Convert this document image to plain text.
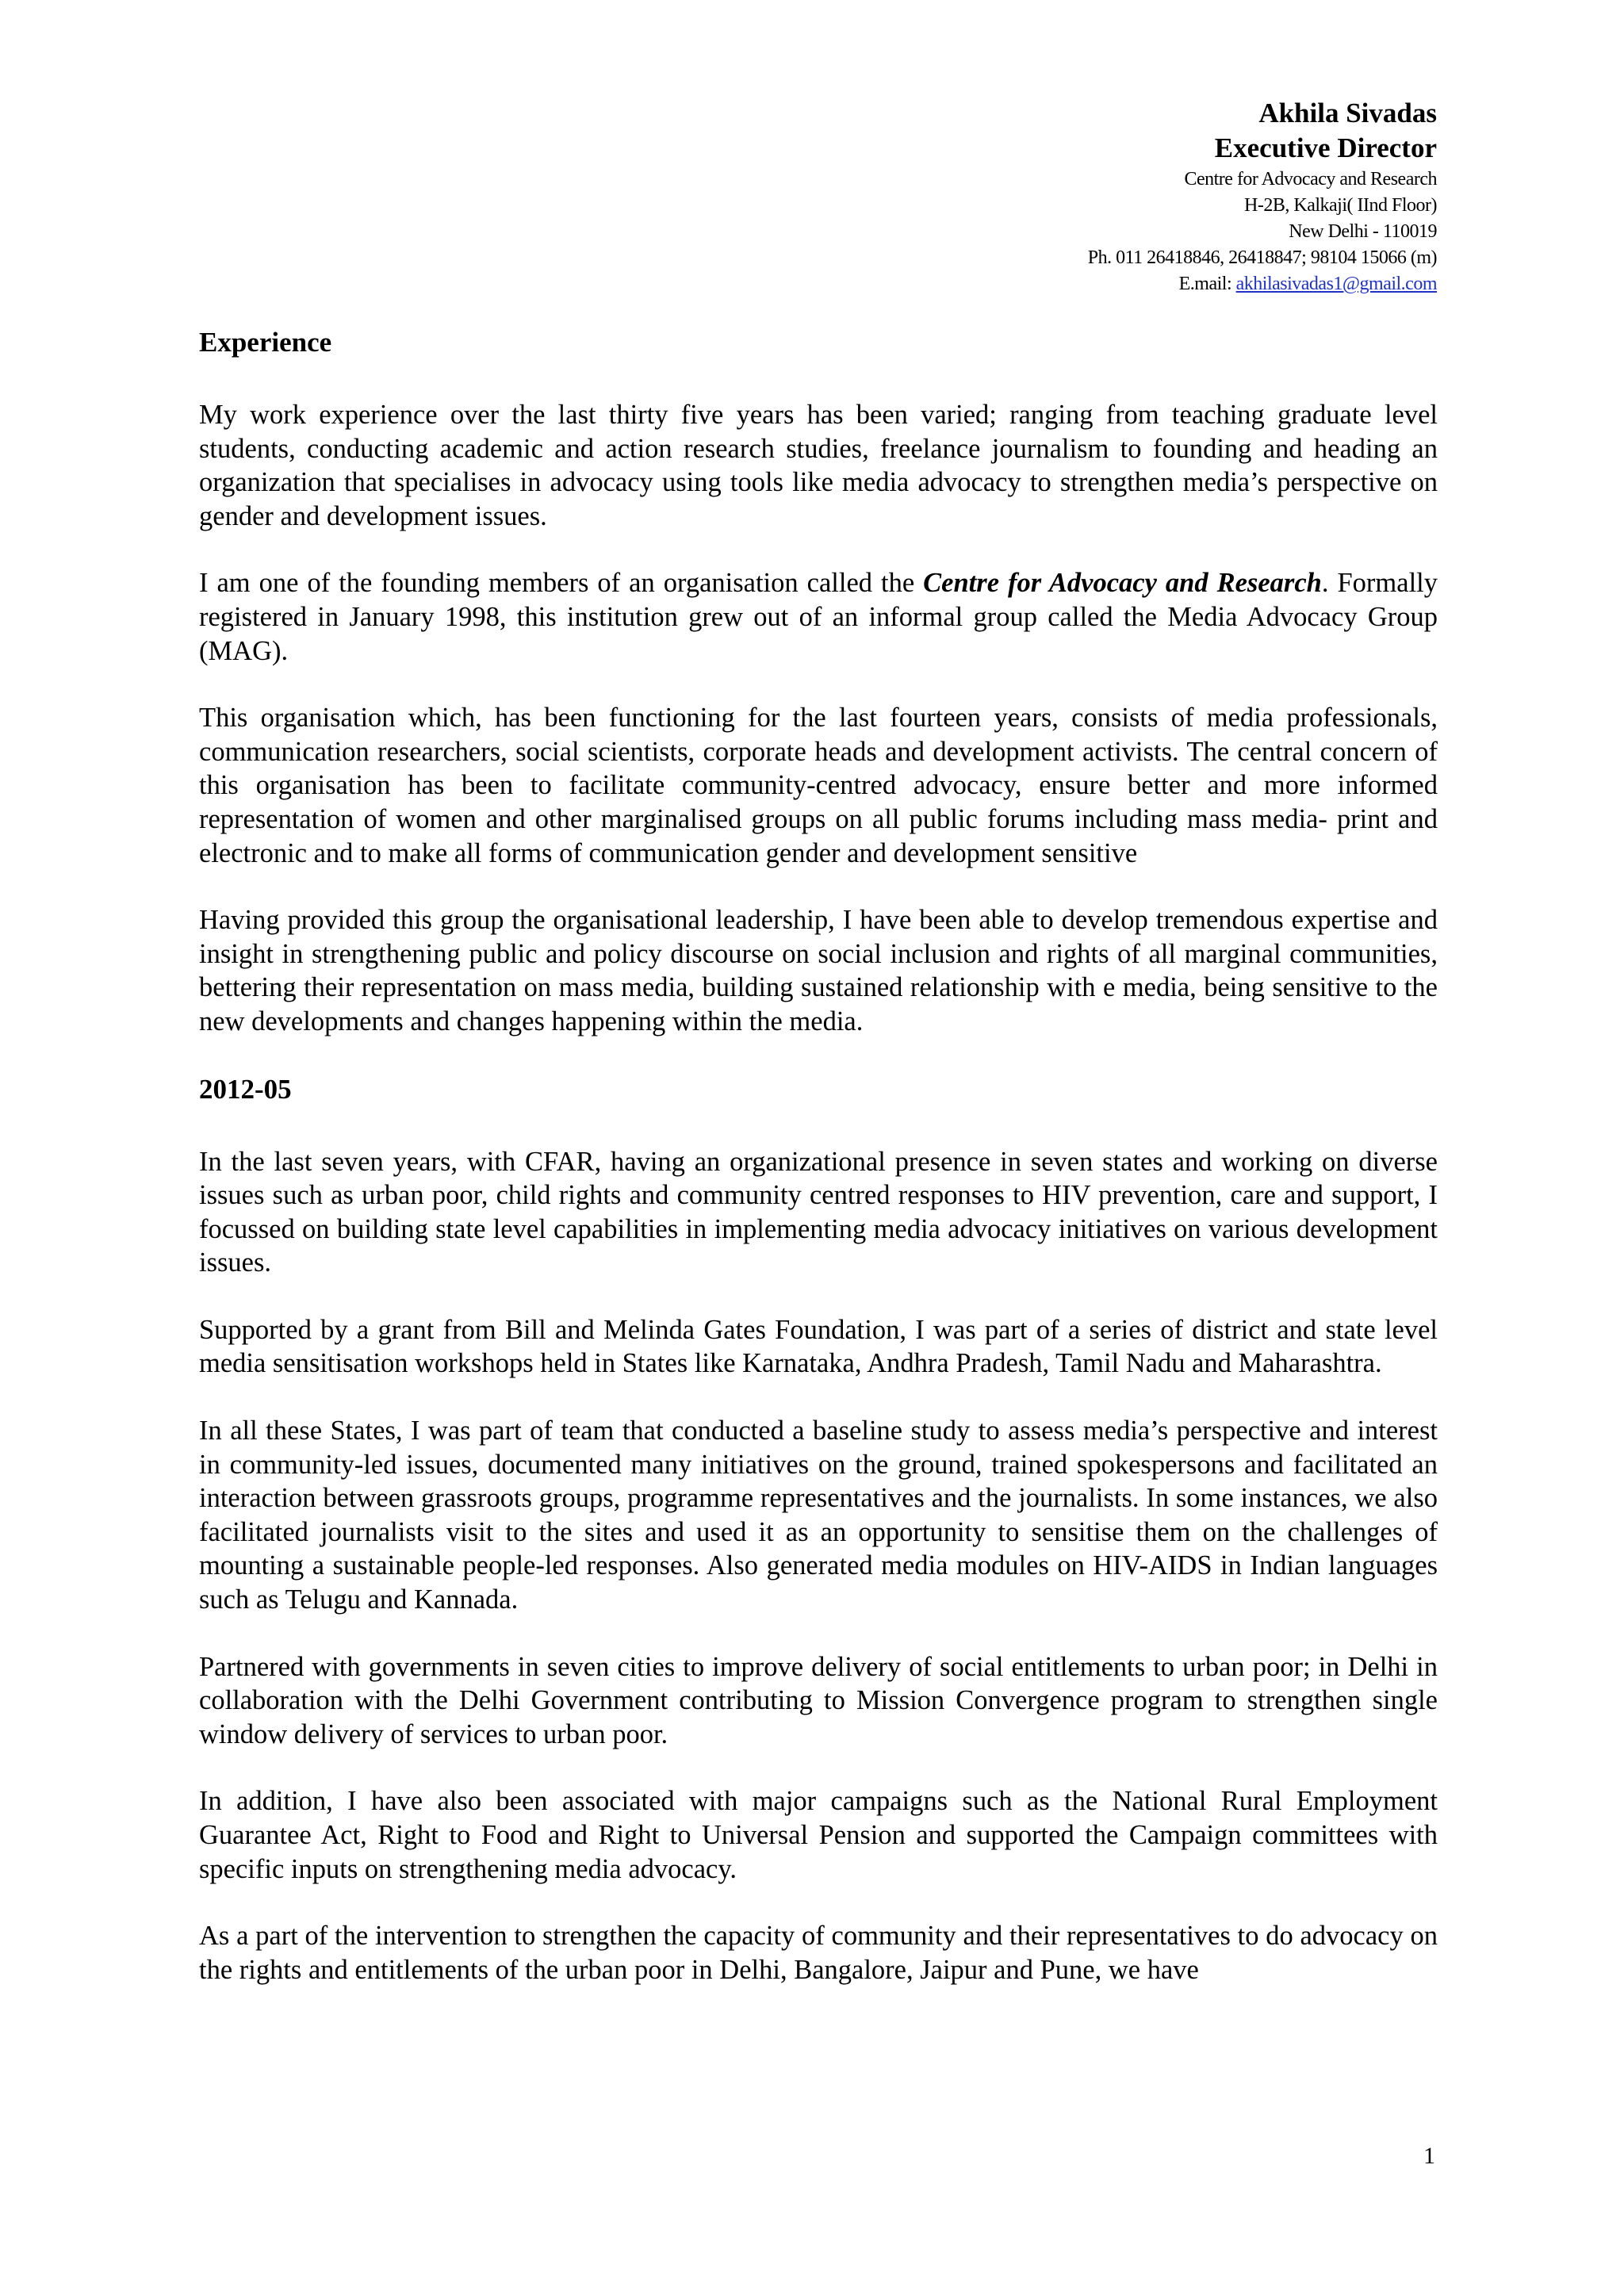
Akhila Sivadas
Executive Director
Centre for Advocacy and Research
H-2B, Kalkaji( IInd Floor)
New Delhi - 110019
Ph. 011 26418846, 26418847; 98104 15066 (m)
E.mail: akhilasivadas1@gmail.com
Experience

My work experience over the last thirty five years has been varied; ranging from teaching graduate level students, conducting academic and action research studies, freelance journalism to founding and heading an organization that specialises in advocacy using tools like media advocacy to strengthen media’s perspective on gender and development issues.

I am one of the founding members of an organisation called the Centre for Advocacy and Research. Formally registered in January 1998, this institution grew out of an informal group called the Media Advocacy Group (MAG).

This organisation which, has been functioning for the last fourteen years, consists of media professionals, communication researchers, social scientists, corporate heads and development activists. The central concern of this organisation has been to facilitate community-centred advocacy, ensure better and more informed representation of women and other marginalised groups on all public forums including mass media- print and electronic and to make all forms of communication gender and development sensitive

Having provided this group the organisational leadership, I have been able to develop tremendous expertise and insight in strengthening public and policy discourse on social inclusion and rights of all marginal communities, bettering their representation on mass media, building sustained relationship with e media, being sensitive to the new developments and changes happening within the media.

2012-05

In the last seven years, with CFAR, having an organizational presence in seven states and working on diverse issues such as urban poor, child rights and community centred responses to HIV prevention, care and support, I focussed on building state level capabilities in implementing media advocacy initiatives on various development issues.

Supported by a grant from Bill and Melinda Gates Foundation, I was part of a series of district and state level media sensitisation workshops held in States like Karnataka, Andhra Pradesh, Tamil Nadu and Maharashtra.

In all these States, I was part of team that conducted a baseline study to assess media’s perspective and interest in community-led issues, documented many initiatives on the ground, trained spokespersons and facilitated an interaction between grassroots groups, programme representatives and the journalists. In some instances, we also facilitated journalists visit to the sites and used it as an opportunity to sensitise them on the challenges of mounting a sustainable people-led responses. Also generated media modules on HIV-AIDS in Indian languages such as Telugu and Kannada.

Partnered with governments in seven cities to improve delivery of social entitlements to urban poor; in Delhi in collaboration with the Delhi Government contributing to Mission Convergence program to strengthen single window delivery of services to urban poor.

In addition, I have also been associated with major campaigns such as the National Rural Employment Guarantee Act, Right to Food and Right to Universal Pension and supported the Campaign committees with specific inputs on strengthening media advocacy.

As a part of the intervention to strengthen the capacity of community and their representatives to do advocacy on the rights and entitlements of the urban poor in Delhi, Bangalore, Jaipur and Pune, we have

1
